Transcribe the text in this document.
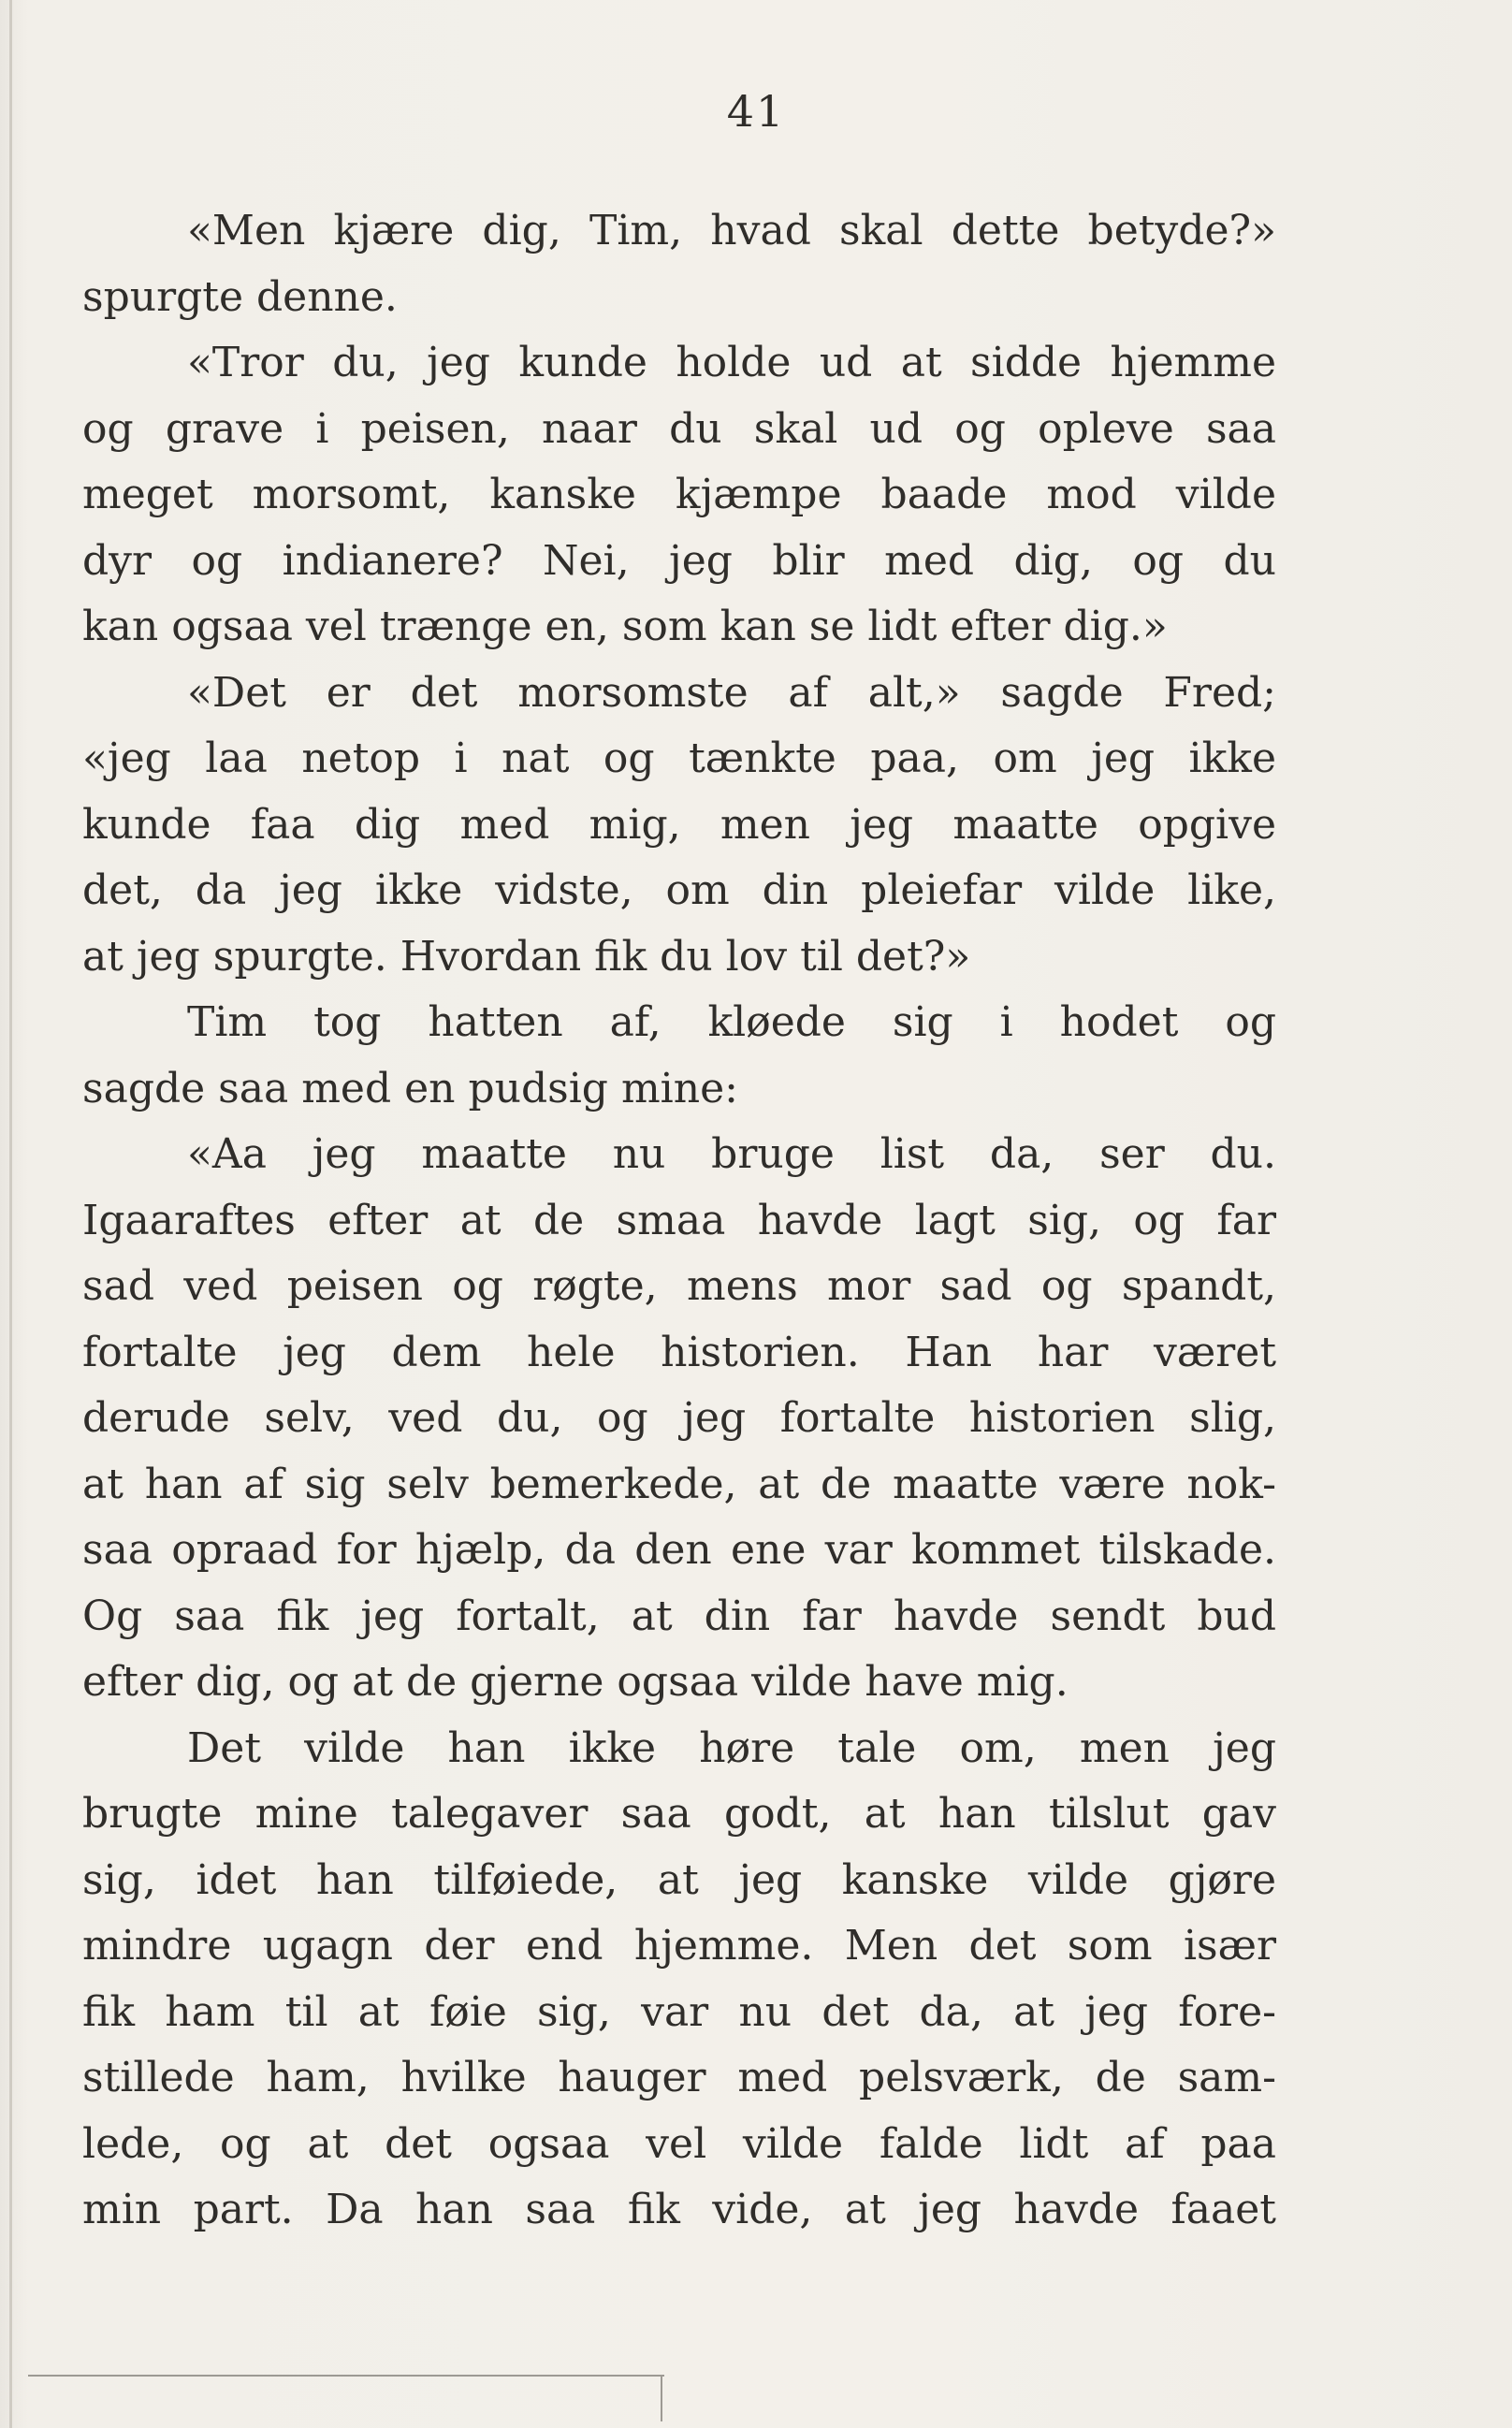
41
«Men kjære dig, Tim, hvad skal dette betyde?»
spurgte denne.
«Tror du, jeg kunde holde ud at sidde hjemme
og grave i peisen, naar du skal ud og opleve saa
meget morsomt, kanske kjæmpe baade mod vilde
dyr og indianere? Nei, jeg blir med dig, og du
kan ogsaa vel trænge en, som kan se lidt efter dig.»
«Det er det morsomste af alt,» sagde Fred;
«jeg laa netop i nat og tænkte paa, om jeg ikke
kunde faa dig med mig, men jeg maatte opgive
det, da jeg ikke vidste, om din pleiefar vilde like,
at jeg spurgte. Hvordan fik du lov til det?»
Tim tog hatten af, kløede sig i hodet og
sagde saa med en pudsig mine:
«Aa jeg maatte nu bruge list da, ser du.
Igaaraftes efter at de smaa havde lagt sig, og far
sad ved peisen og røgte, mens mor sad og spandt,
fortalte jeg dem hele historien. Han har været
derude selv, ved du, og jeg fortalte historien slig,
at han af sig selv bemerkede, at de maatte være nok-
saa opraad for hjælp, da den ene var kommet tilskade.
Og saa fik jeg fortalt, at din far havde sendt bud
efter dig, og at de gjerne ogsaa vilde have mig.
Det vilde han ikke høre tale om, men jeg
brugte mine talegaver saa godt, at han tilslut gav
sig, idet han tilføiede, at jeg kanske vilde gjøre
mindre ugagn der end hjemme. Men det som især
fik ham til at føie sig, var nu det da, at jeg fore-
stillede ham, hvilke hauger med pelsværk, de sam-
lede, og at det ogsaa vel vilde falde lidt af paa
min part. Da han saa fik vide, at jeg havde faaet
